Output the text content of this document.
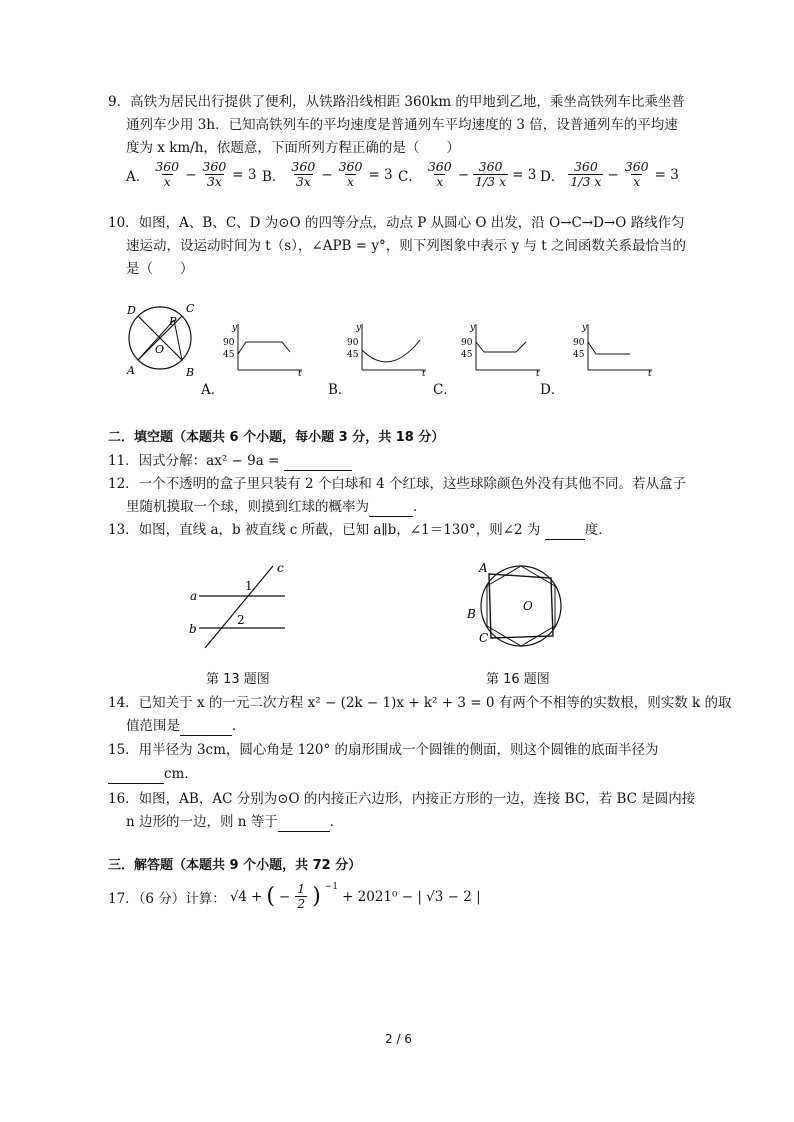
9．高铁为居民出行提供了便利，从铁路沿线相距 360km 的甲地到乙地，乘坐高铁列车比乘坐普
通列车少用 3h．已知高铁列车的平均速度是普通列车平均速度的 3 倍，设普通列车的平均速
度为 x km/h，依题意，下面所列方程正确的是（　　）
A． $\frac{360}{x} - \frac{360}{3x} = 3$ B． $\frac{360}{3x} - \frac{360}{x} = 3$ C． $\frac{360}{x} - \frac{360}{1/3 x} = 3$ D． $\frac{360}{1/3 x} - \frac{360}{x} = 3$
10．如图，A、B、C、D 为⊙O 的四等分点，动点 P 从圆心 O 出发，沿 O→C→D→O 路线作匀
速运动，设运动时间为 t（s），∠APB = y°，则下列图象中表示 y 与 t 之间函数关系最恰当的
是（　　）
D	C
P
O
A	B
y
t
90
45
A．
y
t
90
45
B．
y
t
90
45
C．
y
t
90
45
D．
二．填空题（本题共 6 个小题，每小题 3 分，共 18 分）
11．因式分解：ax² − 9a =
12．一个不透明的盒子里只装有 2 个白球和 4 个红球，这些球除颜色外没有其他不同。若从盒子
里随机摸取一个球，则摸到红球的概率为	．
13．如图，直线 a，b 被直线 c 所截，已知 a∥b，∠1＝130°，则∠2 为	度．
a
b
c
1
2
第 13 题图
A
B
C
O
第 16 题图
14．已知关于 x 的一元二次方程 x² − (2k − 1)x + k² + 3 = 0 有两个不相等的实数根，则实数 k 的取
值范围是	．
15．用半径为 3cm，圆心角是 120° 的扇形围成一个圆锥的侧面，则这个圆锥的底面半径为
cm．
16．如图，AB，AC 分别为⊙O 的内接正六边形，内接正方形的一边，连接 BC，若 BC 是圆内接
n 边形的一边，则 n 等于	．
三．解答题（本题共 9 个小题，共 72 分）
17．（6 分）计算： √4 + ( − $\frac{1}{2}$ ) $^{-1}$
+ 2021⁰ − | √3 − 2 |
2 / 6
